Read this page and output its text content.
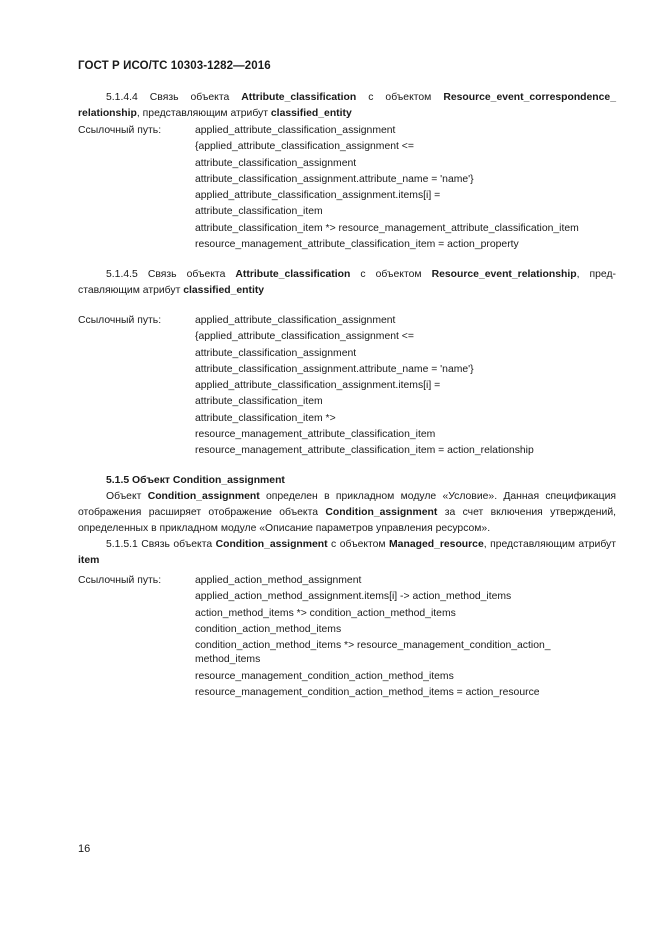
ГОСТ Р ИСО/ТС 10303-1282—2016
5.1.4.4 Связь объекта Attribute_classification с объектом Resource_event_correspondence_ relationship, представляющим атрибут classified_entity
Ссылочный путь:	applied_attribute_classification_assignment
{applied_attribute_classification_assignment <=
attribute_classification_assignment
attribute_classification_assignment.attribute_name = 'name'}
applied_attribute_classification_assignment.items[i] =
attribute_classification_item
attribute_classification_item *> resource_management_attribute_classification_item
resource_management_attribute_classification_item = action_property
5.1.4.5 Связь объекта Attribute_classification с объектом Resource_event_relationship, представляющим атрибут classified_entity
Ссылочный путь:	applied_attribute_classification_assignment
{applied_attribute_classification_assignment <=
attribute_classification_assignment
attribute_classification_assignment.attribute_name = 'name'}
applied_attribute_classification_assignment.items[i] =
attribute_classification_item
attribute_classification_item *>
resource_management_attribute_classification_item
resource_management_attribute_classification_item = action_relationship
5.1.5 Объект Condition_assignment
Объект Condition_assignment определен в прикладном модуле «Условие». Данная спецификация отображения расширяет отображение объекта Condition_assignment за счет включения утверждений, определенных в прикладном модуле «Описание параметров управления ресурсом».
5.1.5.1 Связь объекта Condition_assignment с объектом Managed_resource, представляющим атрибут item
Ссылочный путь:	applied_action_method_assignment
applied_action_method_assignment.items[i] -> action_method_items
action_method_items *> condition_action_method_items
condition_action_method_items
condition_action_method_items *> resource_management_condition_action_
method_items
resource_management_condition_action_method_items
resource_management_condition_action_method_items = action_resource
16
